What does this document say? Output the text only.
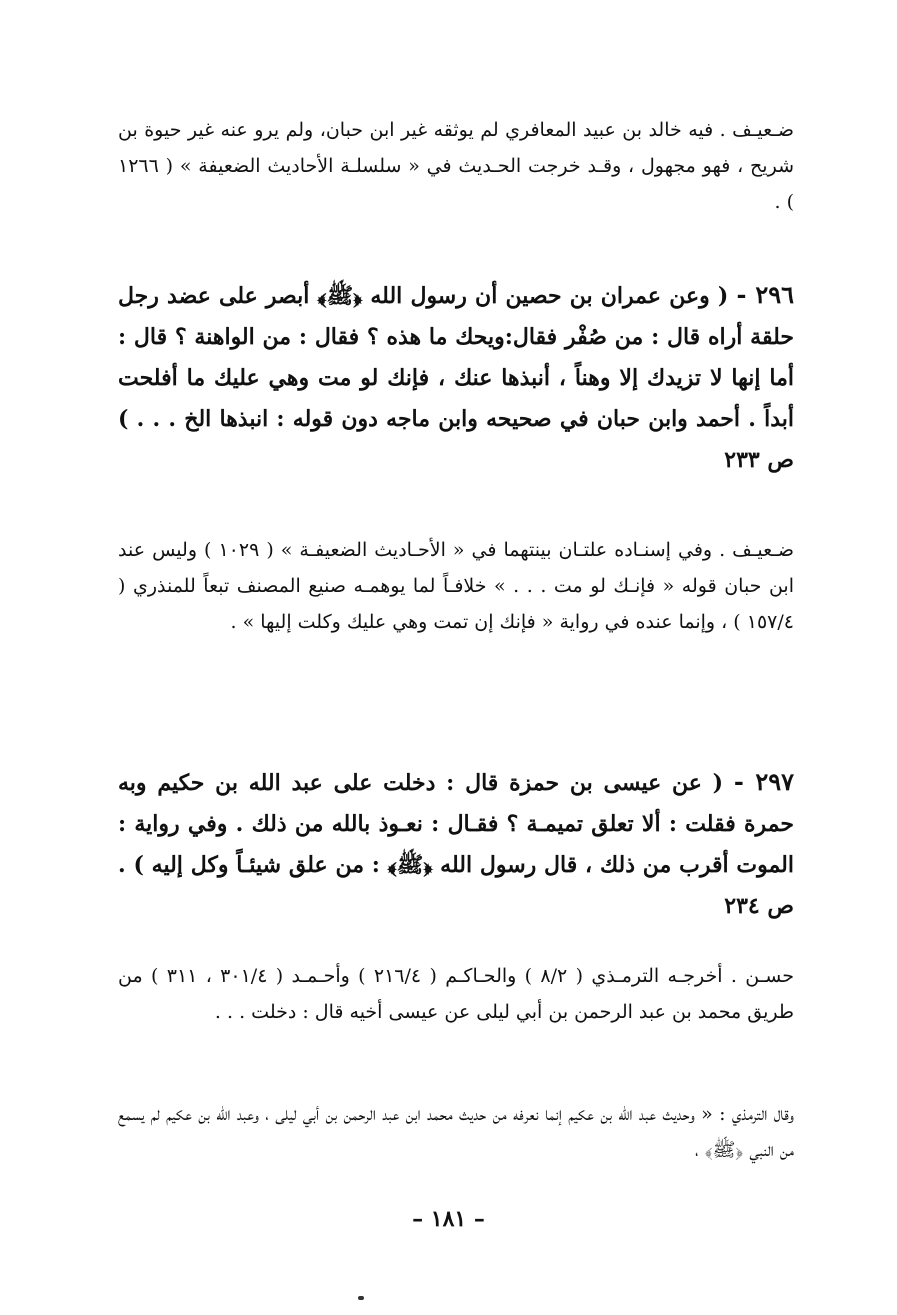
ضـعيـف . فيه خالد بن عبيد المعافري لم يوثقه غير ابن حبان، ولم يرو عنه غير حيوة بن شريح ، فهو مجهول ، وقـد خرجت الحـديث في « سلسلـة الأحاديث الضعيفة » ( ١٢٦٦ ) .

٢٩٦ - ( وعن عمران بن حصين أن رسول الله ﴿ﷺ﴾ أبصر على عضد رجل حلقة أراه قال : من صُفْر فقال:ويحك ما هذه ؟ فقال : من الواهنة ؟ قال : أما إنها لا تزيدك إلا وهناً ، أنبذها عنك ، فإنك لو مت وهي عليك ما أفلحت أبداً . أحمد وابن حبان في صحيحه وابن ماجه دون قوله : انبذها الخ . . . ) ص ٢٣٣

ضـعيـف . وفي إسنـاده علتـان بينتهما في « الأحـاديث الضعيفـة » ( ١٠٢٩ ) وليس عند ابن حبان قوله « فإنـك لو مت . . . » خلافـاً لما يوهمـه صنيع المصنف تبعاً للمنذري ( ١٥٧/٤ ) ، وإنما عنده في رواية « فإنك إن تمت وهي عليك وكلت إليها » .

٢٩٧ - ( عن عيسى بن حمزة قال : دخلت على عبد الله بن حكيم وبه حمرة فقلت : ألا تعلق تميمـة ؟ فقـال : نعـوذ بالله من ذلك . وفي رواية : الموت أقرب من ذلك ، قال رسول الله ﴿ﷺ﴾ : من علق شيئـاً وكل إليه ) . ص ٢٣٤

حسـن . أخرجـه الترمـذي ( ٨/٢ ) والحـاكـم ( ٢١٦/٤ ) وأحـمـد ( ٣٠١/٤ ، ٣١١ ) من طريق محمد بن عبد الرحمن بن أبي ليلى عن عيسى أخيه قال : دخلت . . .

وقال الترمذي : « وحديث عبد الله بن عكيم إنما نعرفه من حديث محمد ابن عبد الرحمن بن أبي ليلى ، وعبد الله بن عكيم لم يسمع من النبي ﴿ﷺ﴾ ،

– ١٨١ –
